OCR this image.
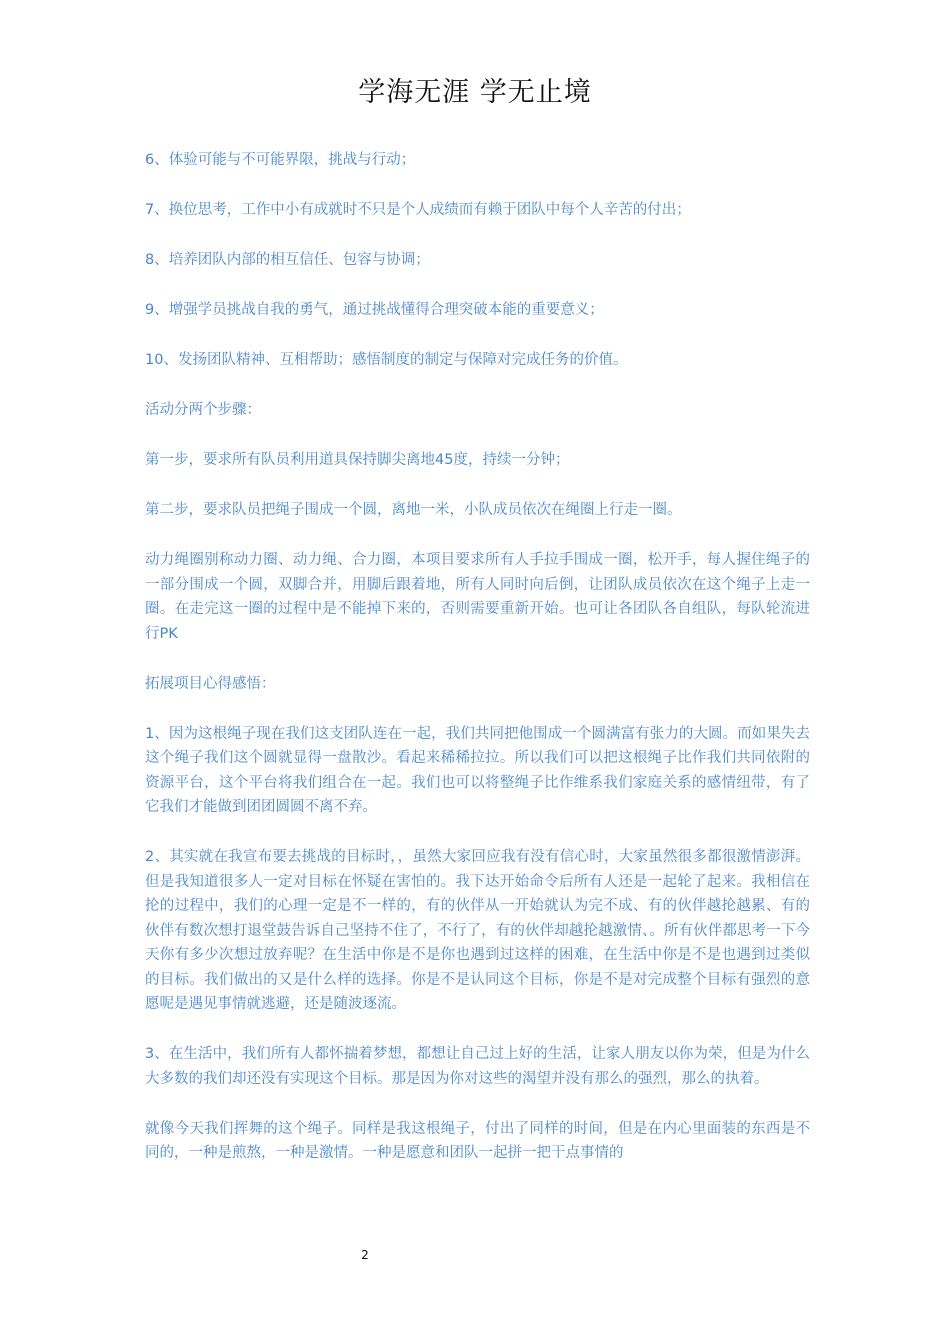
学海无涯 学无止境

6、体验可能与不可能界限，挑战与行动；

7、换位思考，工作中小有成就时不只是个人成绩而有赖于团队中每个人辛苦的付出；

8、培养团队内部的相互信任、包容与协调；

9、增强学员挑战自我的勇气，通过挑战懂得合理突破本能的重要意义；

10、发扬团队精神、互相帮助；感悟制度的制定与保障对完成任务的价值。

活动分两个步骤：

第一步，要求所有队员利用道具保持脚尖离地45度，持续一分钟；

第二步，要求队员把绳子围成一个圆，离地一米，小队成员依次在绳圈上行走一圈。

动力绳圈别称动力圈、动力绳、合力圈，本项目要求所有人手拉手围成一圈，松开手，每人握住绳子的一部分围成一个圆，双脚合并，用脚后跟着地，所有人同时向后倒，让团队成员依次在这个绳子上走一圈。在走完这一圈的过程中是不能掉下来的，否则需要重新开始。也可让各团队各自组队，每队轮流进行PK

拓展项目心得感悟：

1、因为这根绳子现在我们这支团队连在一起，我们共同把他围成一个圆满富有张力的大圆。而如果失去这个绳子我们这个圆就显得一盘散沙。看起来稀稀拉拉。所以我们可以把这根绳子比作我们共同依附的资源平台，这个平台将我们组合在一起。我们也可以将整绳子比作维系我们家庭关系的感情纽带，有了它我们才能做到团团圆圆不离不弃。

2、其实就在我宣布要去挑战的目标时，，虽然大家回应我有没有信心时，大家虽然很多都很激情澎湃。但是我知道很多人一定对目标在怀疑在害怕的。我下达开始命令后所有人还是一起轮了起来。我相信在抡的过程中，我们的心理一定是不一样的，有的伙伴从一开始就认为完不成、有的伙伴越抡越累、有的伙伴有数次想打退堂鼓告诉自己坚持不住了，不行了，有的伙伴却越抡越激情、。所有伙伴都思考一下今天你有多少次想过放弃呢？在生活中你是不是你也遇到过这样的困难，在生活中你是不是也遇到过类似的目标。我们做出的又是什么样的选择。你是不是认同这个目标，你是不是对完成整个目标有强烈的意愿呢是遇见事情就逃避，还是随波逐流。

3、在生活中，我们所有人都怀揣着梦想，都想让自己过上好的生活，让家人朋友以你为荣，但是为什么大多数的我们却还没有实现这个目标。那是因为你对这些的渴望并没有那么的强烈，那么的执着。

就像今天我们挥舞的这个绳子。同样是我这根绳子，付出了同样的时间，但是在内心里面装的东西是不同的，一种是煎熬，一种是激情。一种是愿意和团队一起拼一把干点事情的

2
